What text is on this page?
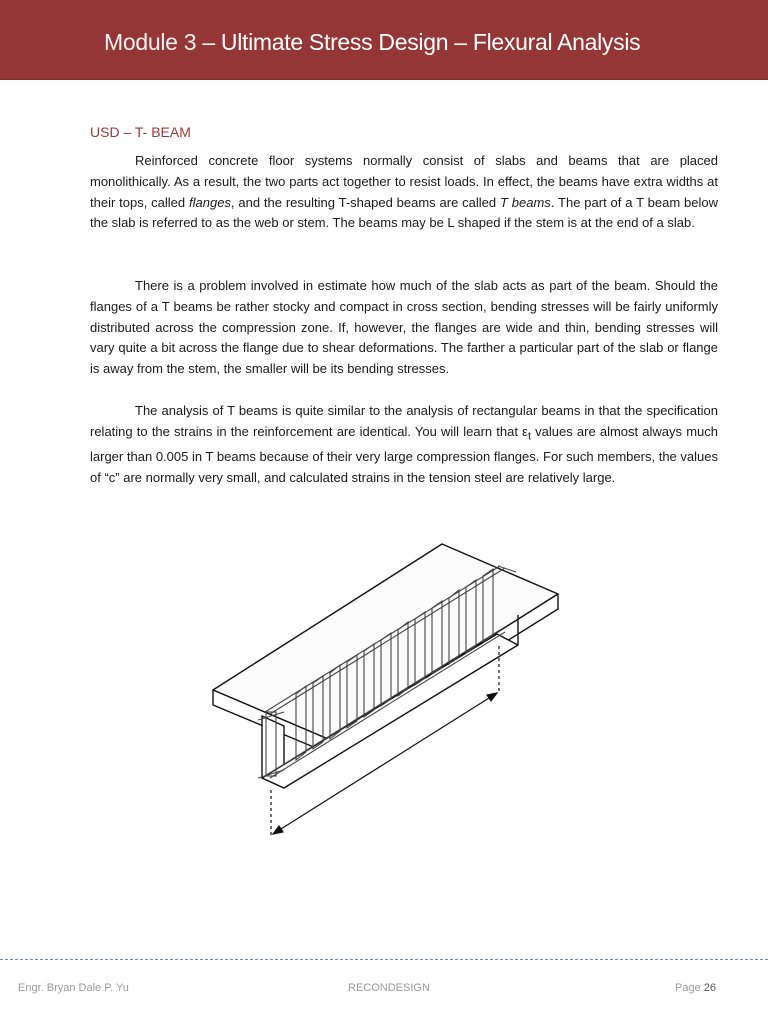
Module 3 – Ultimate Stress Design – Flexural Analysis
USD – T- BEAM

Reinforced concrete floor systems normally consist of slabs and beams that are placed monolithically. As a result, the two parts act together to resist loads. In effect, the beams have extra widths at their tops, called flanges, and the resulting T-shaped beams are called T beams. The part of a T beam below the slab is referred to as the web or stem. The beams may be L shaped if the stem is at the end of a slab.

There is a problem involved in estimate how much of the slab acts as part of the beam. Should the flanges of a T beams be rather stocky and compact in cross section, bending stresses will be fairly uniformly distributed across the compression zone. If, however, the flanges are wide and thin, bending stresses will vary quite a bit across the flange due to shear deformations. The farther a particular part of the slab or flange is away from the stem, the smaller will be its bending stresses.

The analysis of T beams is quite similar to the analysis of rectangular beams in that the specification relating to the strains in the reinforcement are identical. You will learn that $\varepsilon_t$ values are almost always much larger than 0.005 in T beams because of their very large compression flanges. For such members, the values of “c” are normally very small, and calculated strains in the tension steel are relatively large.

Engr. Bryan Dale P. Yu	RECONDESIGN	Page 26
